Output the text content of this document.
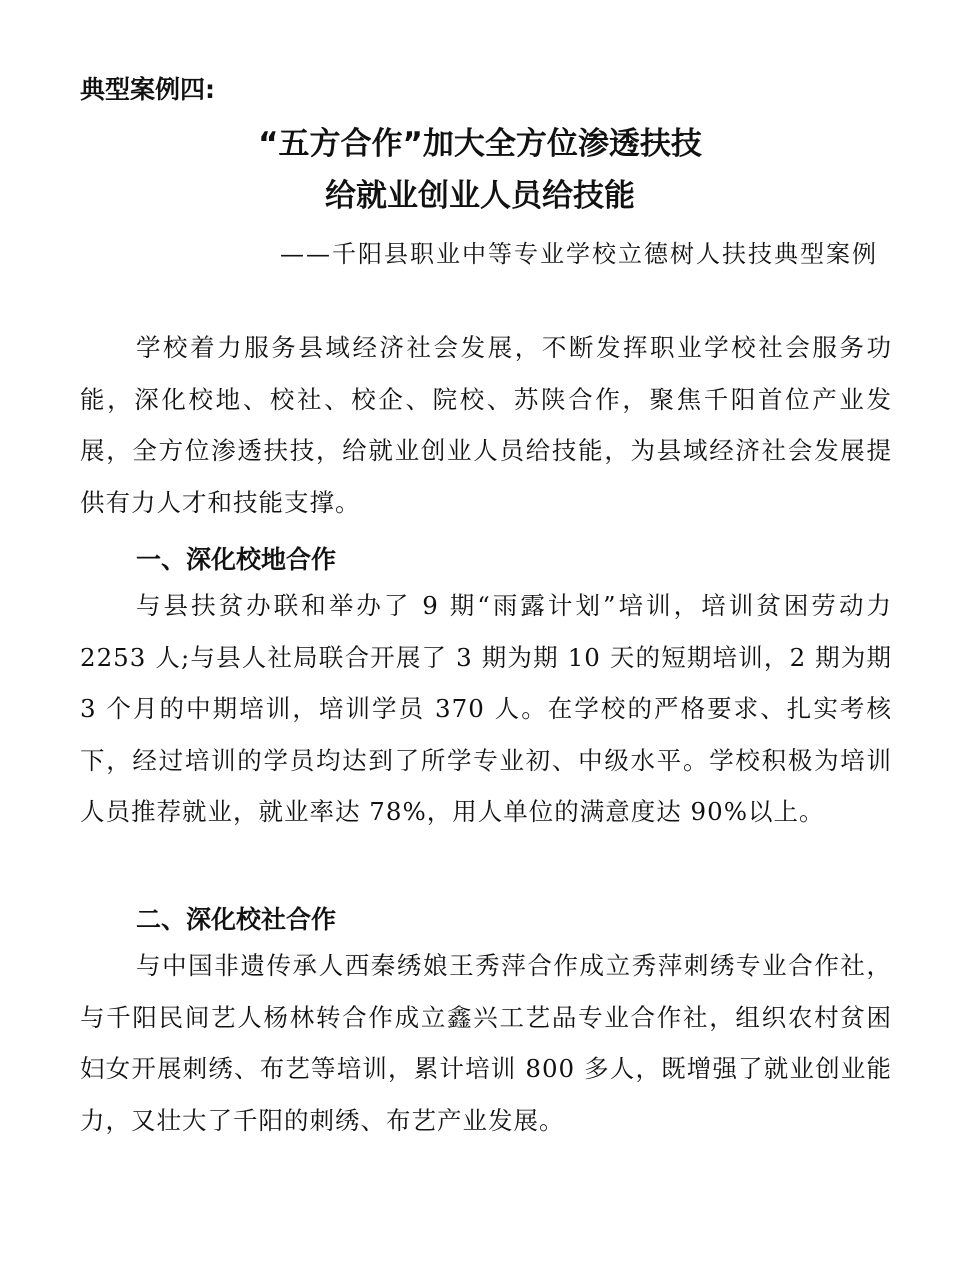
典型案例四:
“五方合作”加大全方位渗透扶技
给就业创业人员给技能
——千阳县职业中等专业学校立德树人扶技典型案例
学校着力服务县域经济社会发展，不断发挥职业学校社会服务功能，深化校地、校社、校企、院校、苏陕合作，聚焦千阳首位产业发展，全方位渗透扶技，给就业创业人员给技能，为县域经济社会发展提供有力人才和技能支撑。
一、深化校地合作
与县扶贫办联和举办了 9 期“雨露计划”培训，培训贫困劳动力 2253 人;与县人社局联合开展了 3 期为期 10 天的短期培训，2 期为期 3 个月的中期培训，培训学员 370 人。在学校的严格要求、扎实考核下，经过培训的学员均达到了所学专业初、中级水平。学校积极为培训人员推荐就业，就业率达 78%，用人单位的满意度达 90%以上。
二、深化校社合作
与中国非遗传承人西秦绣娘王秀萍合作成立秀萍刺绣专业合作社，与千阳民间艺人杨林转合作成立鑫兴工艺品专业合作社，组织农村贫困妇女开展刺绣、布艺等培训，累计培训 800 多人，既增强了就业创业能力，又壮大了千阳的刺绣、布艺产业发展。
